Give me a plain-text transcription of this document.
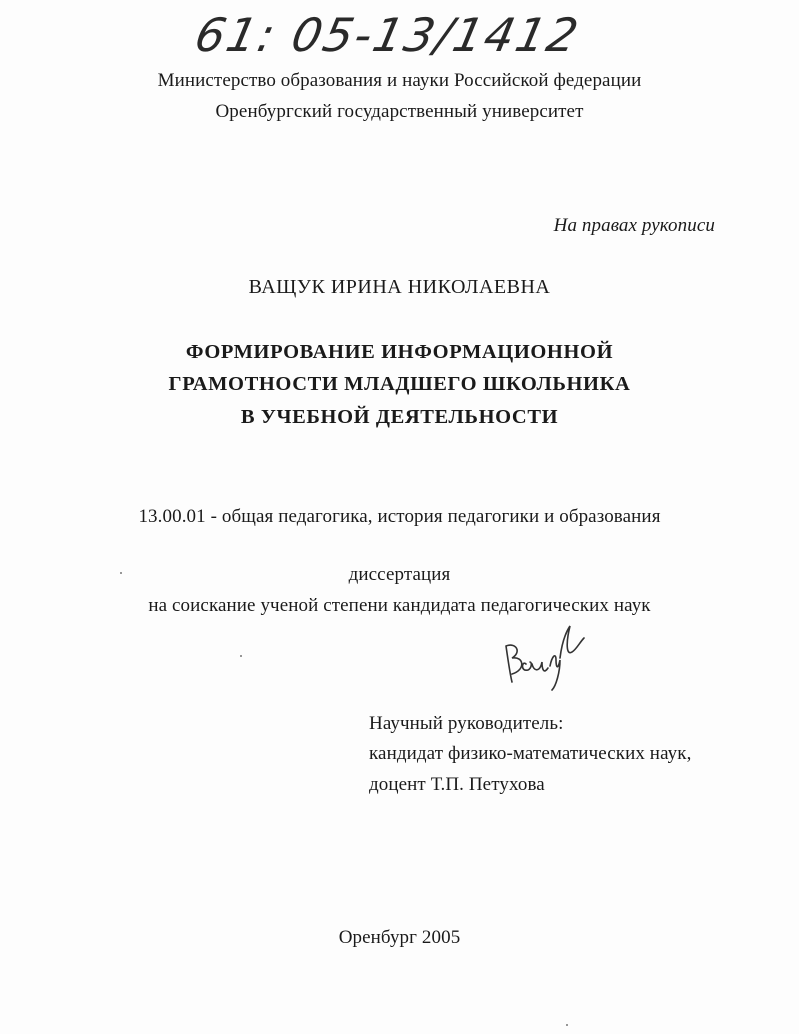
61: 05-13/1412
Министерство образования и науки Российской федерации
Оренбургский государственный университет
На правах рукописи
ВАЩУК ИРИНА НИКОЛАЕВНА
ФОРМИРОВАНИЕ ИНФОРМАЦИОННОЙ
ГРАМОТНОСТИ МЛАДШЕГО ШКОЛЬНИКА
В УЧЕБНОЙ ДЕЯТЕЛЬНОСТИ
13.00.01 - общая педагогика, история педагогики и образования
диссертация
на соискание ученой степени кандидата педагогических наук
Научный руководитель:
кандидат физико-математических наук,
доцент Т.П. Петухова
Оренбург 2005
